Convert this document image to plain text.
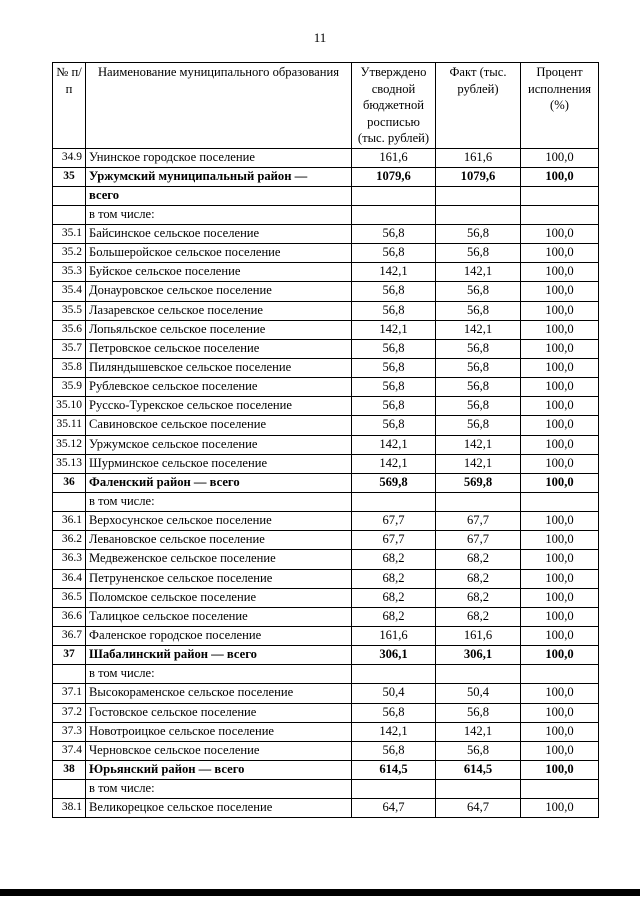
11
№ п/п	Наименование муниципального образования	Утверждено сводной бюджетной росписью (тыс. рублей)	Факт (тыс. рублей)	Процент исполнения (%)
34.9	Унинское городское поселение	161,6	161,6	100,0
35	Уржумский муниципальный район —	1079,6	1079,6	100,0
	всего			
	в том числе:			
35.1	Байсинское сельское поселение	56,8	56,8	100,0
35.2	Большеройское сельское поселение	56,8	56,8	100,0
35.3	Буйское сельское поселение	142,1	142,1	100,0
35.4	Донауровское сельское поселение	56,8	56,8	100,0
35.5	Лазаревское сельское поселение	56,8	56,8	100,0
35.6	Лопьяльское сельское поселение	142,1	142,1	100,0
35.7	Петровское сельское поселение	56,8	56,8	100,0
35.8	Пиляндышевское сельское поселение	56,8	56,8	100,0
35.9	Рублевское сельское поселение	56,8	56,8	100,0
35.10	Русско-Турекское сельское поселение	56,8	56,8	100,0
35.11	Савиновское сельское поселение	56,8	56,8	100,0
35.12	Уржумское сельское поселение	142,1	142,1	100,0
35.13	Шурминское сельское поселение	142,1	142,1	100,0
36	Фаленский район — всего	569,8	569,8	100,0
	в том числе:			
36.1	Верхосунское сельское поселение	67,7	67,7	100,0
36.2	Левановское сельское поселение	67,7	67,7	100,0
36.3	Медвеженское сельское поселение	68,2	68,2	100,0
36.4	Петруненское сельское поселение	68,2	68,2	100,0
36.5	Поломское сельское поселение	68,2	68,2	100,0
36.6	Талицкое сельское поселение	68,2	68,2	100,0
36.7	Фаленское городское поселение	161,6	161,6	100,0
37	Шабалинский район — всего	306,1	306,1	100,0
	в том числе:			
37.1	Высокораменское сельское поселение	50,4	50,4	100,0
37.2	Гостовское сельское поселение	56,8	56,8	100,0
37.3	Новотроицкое сельское поселение	142,1	142,1	100,0
37.4	Черновское сельское поселение	56,8	56,8	100,0
38	Юрьянский район — всего	614,5	614,5	100,0
	в том числе:			
38.1	Великорецкое сельское поселение	64,7	64,7	100,0
